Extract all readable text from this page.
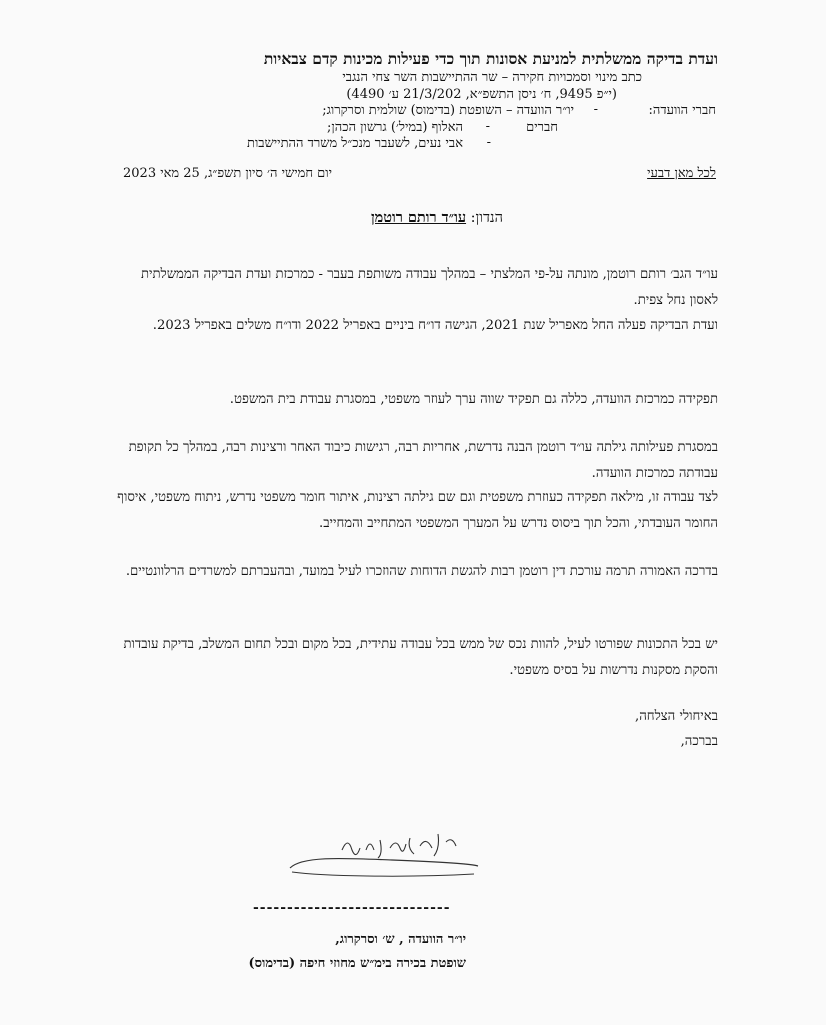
ועדת בדיקה ממשלתית למניעת אסונות תוך כדי פעילות מכינות קדם צבאיות
כתב מינוי וסמכויות חקירה – שר ההתיישבות השר צחי הנגבי
(י״פ 9495, ח׳ ניסן התשפ״א, 21/3/202 ע׳ 4490)
חברי הוועדה:
-
יו״ר הוועדה – השופטת (בדימוס) שולמית וסרקרוג;
חברים
-
האלוף (במיל׳) גרשון הכהן;
-
אבי נעים, לשעבר מנכ״ל משרד ההתיישבות
לכל מאן דבעי
יום חמישי ה׳ סיון תשפ״ג, 25 מאי 2023
הנדון: עו״ד רותם רוטמן
עו״ד הגב׳ רותם רוטמן, מונתה על-פי המלצתי – במהלך עבודה משותפת בעבר - כמרכזת ועדת הבדיקה הממשלתית לאסון נחל צפית.
ועדת הבדיקה פעלה החל מאפריל שנת 2021, הגישה דו״ח ביניים באפריל 2022 ודו״ח משלים באפריל 2023.
תפקידה כמרכזת הוועדה, כללה גם תפקיד שווה ערך לעוזר משפטי, במסגרת עבודת בית המשפט.
במסגרת פעילותה גילתה עו״ד רוטמן הבנה נדרשת, אחריות רבה, רגישות כיבוד האחר ורצינות רבה, במהלך כל תקופת עבודתה כמרכזת הוועדה.
לצד עבודה זו, מילאה תפקידה כעוזרת משפטית וגם שם גילתה רצינות, איתור חומר משפטי נדרש, ניתוח משפטי, איסוף החומר העובדתי, והכל תוך ביסוס נדרש על המערך המשפטי המתחייב והמחייב.
בדרכה האמורה תרמה עורכת דין רוטמן רבות להגשת הדוחות שהוזכרו לעיל במועד, ובהעברתם למשרדים הרלוונטיים.
יש בכל התכונות שפורטו לעיל, להוות נכס של ממש בכל עבודה עתידית, בכל מקום ובכל תחום המשלב, בדיקת עובדות והסקת מסקנות נדרשות על בסיס משפטי.
באיחולי הצלחה,
בברכה,
-----------------------------
יו״ר הוועדה , ש׳ וסרקרוג,
שופטת בכירה בימ״ש מחוזי חיפה (בדימוס)
